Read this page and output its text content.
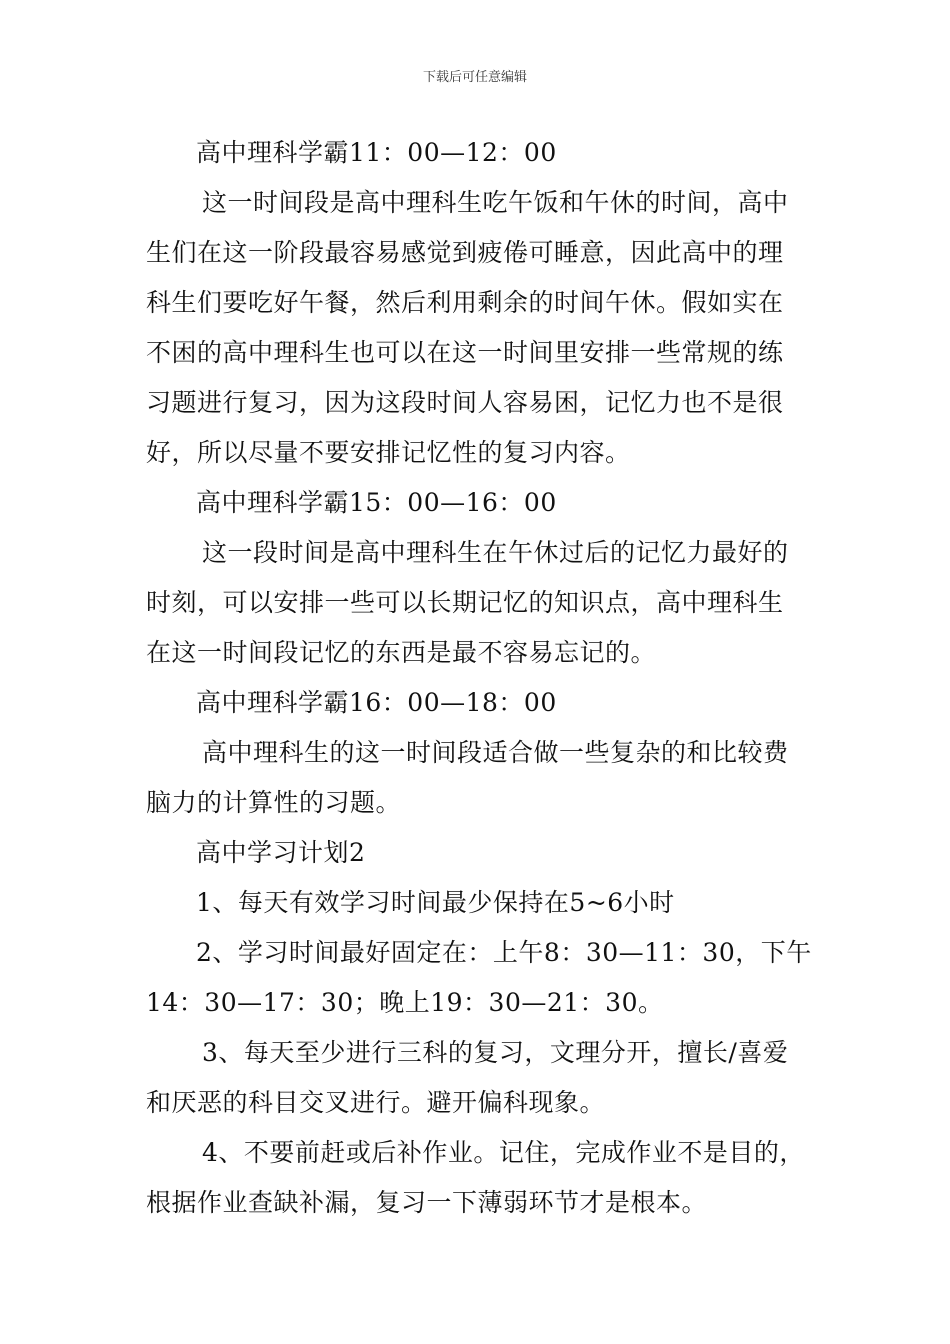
下载后可任意编辑
高中理科学霸11：00—12：00
这一时间段是高中理科生吃午饭和午休的时间，高中
生们在这一阶段最容易感觉到疲倦可睡意，因此高中的理
科生们要吃好午餐，然后利用剩余的时间午休。假如实在
不困的高中理科生也可以在这一时间里安排一些常规的练
习题进行复习，因为这段时间人容易困，记忆力也不是很
好，所以尽量不要安排记忆性的复习内容。
高中理科学霸15：00—16：00
这一段时间是高中理科生在午休过后的记忆力最好的
时刻，可以安排一些可以长期记忆的知识点，高中理科生
在这一时间段记忆的东西是最不容易忘记的。
高中理科学霸16：00—18：00
高中理科生的这一时间段适合做一些复杂的和比较费
脑力的计算性的习题。
高中学习计划2
1、每天有效学习时间最少保持在5~6小时
2、学习时间最好固定在：上午8：30—11：30，下午
14：30—17：30；晚上19：30—21：30。
3、每天至少进行三科的复习，文理分开，擅长/喜爱
和厌恶的科目交叉进行。避开偏科现象。
4、不要前赶或后补作业。记住，完成作业不是目的，
根据作业查缺补漏，复习一下薄弱环节才是根本。
